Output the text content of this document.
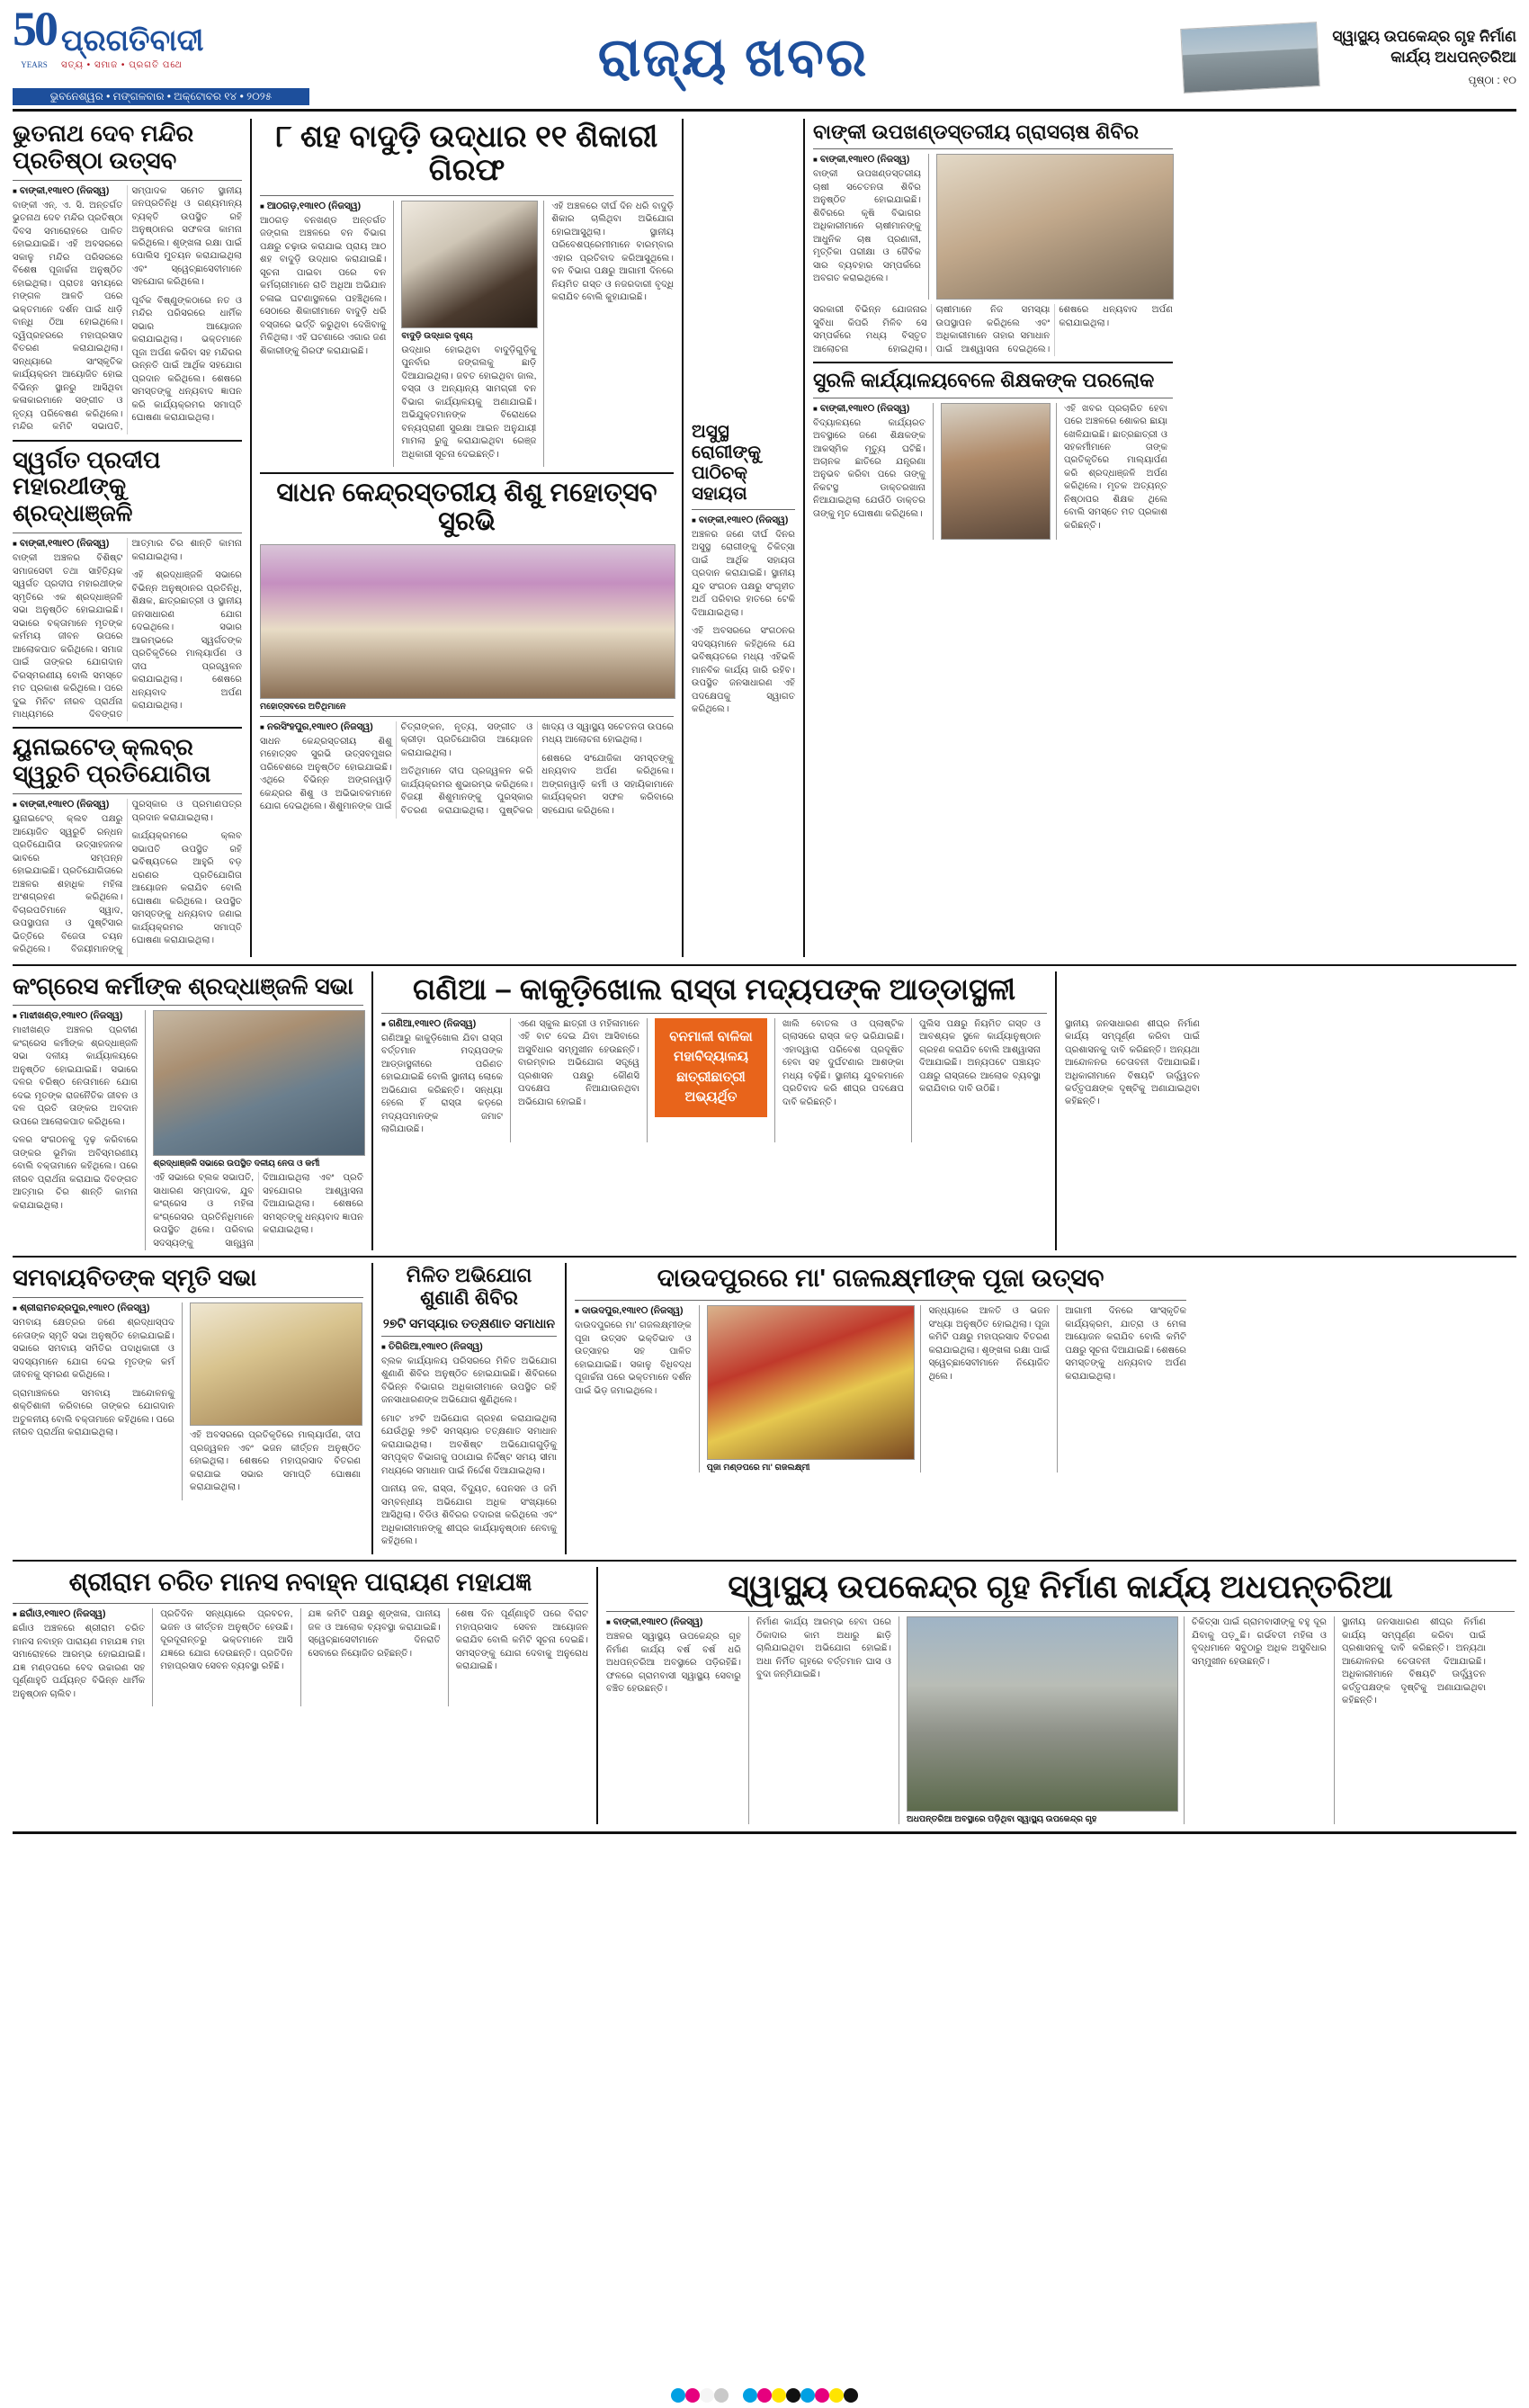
50
YEARS
ପ୍ରଗତିବାଦୀ
ସତ୍ୟ • ସମାଜ • ପ୍ରଗତି ପଥେ
ଭୁବନେଶ୍ୱର • ମଙ୍ଗଳବାର • ଅକ୍ଟୋବର ୧୪ • ୨୦୨୫
ରାଜ୍ୟ ଖବର	ସ୍ୱାସ୍ଥ୍ୟ ଉପକେନ୍ଦ୍ର ଗୃହ ନିର୍ମାଣ କାର୍ଯ୍ୟ ଅଧପନ୍ତରିଆ
ପୃଷ୍ଠା : ୧୦
ଭୁତନାଥ ଦେବ ମନ୍ଦିର ପ୍ରତିଷ୍ଠା ଉତ୍ସବ
■ ବାଙ୍କୀ,୧୩ା୧୦ (ନିଜସ୍ୱ)

ବାଙ୍କୀ ଏନ୍. ଏ. ସି. ଅନ୍ତର୍ଗତ ଭୁତନାଥ ଦେବ ମନ୍ଦିର ପ୍ରତିଷ୍ଠା ଦିବସ ସମାରୋହରେ ପାଳିତ ହୋଇଯାଇଛି। ଏହି ଅବସରରେ ସକାଳୁ ମନ୍ଦିର ପରିସରରେ ବିଶେଷ ପୂଜାର୍ଚ୍ଚନା ଅନୁଷ୍ଠିତ ହୋଇଥିଲା। ପ୍ରାତଃ ସମୟରେ ମଙ୍ଗଳ ଆଳତି ପରେ ଭକ୍ତମାନେ ଦର୍ଶନ ପାଇଁ ଧାଡ଼ି ବାନ୍ଧି ଠିଆ ହୋଇଥିଲେ। ଦ୍ୱିପ୍ରହରରେ ମହାପ୍ରସାଦ ବିତରଣ କରାଯାଇଥିଲା। ସନ୍ଧ୍ୟାରେ ସାଂସ୍କୃତିକ କାର୍ଯ୍ୟକ୍ରମ ଆୟୋଜିତ ହୋଇ ବିଭିନ୍ନ ସ୍ଥାନରୁ ଆସିଥିବା କଳାକାରମାନେ ସଙ୍ଗୀତ ଓ ନୃତ୍ୟ ପରିବେଷଣ କରିଥିଲେ। ମନ୍ଦିର କମିଟି ସଭାପତି, ସମ୍ପାଦକ ସମେତ ସ୍ଥାନୀୟ ଜନପ୍ରତିନିଧି ଓ ଗଣ୍ୟମାନ୍ୟ ବ୍ୟକ୍ତି ଉପସ୍ଥିତ ରହି ଅନୁଷ୍ଠାନର ସଫଳତା କାମନା କରିଥିଲେ। ଶୃଙ୍ଖଳା ରକ୍ଷା ପାଇଁ ପୋଲିସ ମୁତୟନ କରାଯାଇଥିଲା ଏବଂ ସ୍ୱେଚ୍ଛାସେବୀମାନେ ସହଯୋଗ କରିଥିଲେ।

ପୂର୍ବକ ବିଷ୍ଣୁଙ୍କଠାରେ ନତ ଓ ମନ୍ଦିର ପରିସରରେ ଧାର୍ମିକ ସଭାର ଆୟୋଜନ କରାଯାଇଥିଲା। ଭକ୍ତମାନେ ପୂଜା ଅର୍ପଣ କରିବା ସହ ମନ୍ଦିରର ଉନ୍ନତି ପାଇଁ ଆର୍ଥିକ ସହଯୋଗ ପ୍ରଦାନ କରିଥିଲେ। ଶେଷରେ ସମସ୍ତଙ୍କୁ ଧନ୍ୟବାଦ ଜ୍ଞାପନ କରି କାର୍ଯ୍ୟକ୍ରମର ସମାପ୍ତି ଘୋଷଣା କରାଯାଇଥିଲା।

ସ୍ୱର୍ଗତ ପ୍ରଦୀପ ମହାରଥୀଙ୍କୁ ଶ୍ରଦ୍ଧାଞ୍ଜଳି
■ ବାଙ୍କୀ,୧୩ା୧୦ (ନିଜସ୍ୱ)

ବାଙ୍କୀ ଅଞ୍ଚଳର ବିଶିଷ୍ଟ ସମାଜସେବୀ ତଥା ସାହିତ୍ୟିକ ସ୍ୱର୍ଗତ ପ୍ରଦୀପ ମହାରଥୀଙ୍କ ସ୍ମୃତିରେ ଏକ ଶ୍ରଦ୍ଧାଞ୍ଜଳି ସଭା ଅନୁଷ୍ଠିତ ହୋଇଯାଇଛି। ସଭାରେ ବକ୍ତାମାନେ ମୃତଙ୍କ କର୍ମମୟ ଜୀବନ ଉପରେ ଆଲୋକପାତ କରିଥିଲେ। ସମାଜ ପାଇଁ ତାଙ୍କର ଯୋଗଦାନ ଚିରସ୍ମରଣୀୟ ବୋଲି ସମସ୍ତେ ମତ ପ୍ରକାଶ କରିଥିଲେ। ପରେ ଦୁଇ ମିନିଟ ନୀରବ ପ୍ରାର୍ଥନା ମାଧ୍ୟମରେ ଦିବଙ୍ଗତ ଆତ୍ମାର ଚିର ଶାନ୍ତି କାମନା କରାଯାଇଥିଲା।

ଏହି ଶ୍ରଦ୍ଧାଞ୍ଜଳି ସଭାରେ ବିଭିନ୍ନ ଅନୁଷ୍ଠାନର ପ୍ରତିନିଧି, ଶିକ୍ଷକ, ଛାତ୍ରଛାତ୍ରୀ ଓ ସ୍ଥାନୀୟ ଜନସାଧାରଣ ଯୋଗ ଦେଇଥିଲେ। ସଭାର ଆରମ୍ଭରେ ସ୍ୱର୍ଗତଙ୍କ ପ୍ରତିକୃତିରେ ମାଲ୍ୟାର୍ପଣ ଓ ଦୀପ ପ୍ରଜ୍ୱଳନ କରାଯାଇଥିଲା। ଶେଷରେ ଧନ୍ୟବାଦ ଅର୍ପଣ କରାଯାଇଥିଲା।

ୟୁନାଇଟେଡ୍ କ୍ଲବ୍ର ସ୍ୱରୁଚି ପ୍ରତିଯୋଗିତା
■ ବାଙ୍କୀ,୧୩ା୧୦ (ନିଜସ୍ୱ)

ୟୁନାଇଟେଡ୍ କ୍ଲବ ପକ୍ଷରୁ ଆୟୋଜିତ ସ୍ୱରୁଚି ରନ୍ଧନ ପ୍ରତିଯୋଗିତା ଉତ୍ସାହଜନକ ଭାବରେ ସମ୍ପନ୍ନ ହୋଇଯାଇଛି। ପ୍ରତିଯୋଗିତାରେ ଅଞ୍ଚଳର ଶହାଧିକ ମହିଳା ଅଂଶଗ୍ରହଣ କରିଥିଲେ। ବିଚାରପତିମାନେ ସ୍ୱାଦ, ଉପସ୍ଥାପନା ଓ ପୁଷ୍ଟିସାର ଭିତ୍ତିରେ ବିଜେତା ଚୟନ କରିଥିଲେ। ବିଜୟୀମାନଙ୍କୁ ପୁରସ୍କାର ଓ ପ୍ରମାଣପତ୍ର ପ୍ରଦାନ କରାଯାଇଥିଲା।

କାର୍ଯ୍ୟକ୍ରମରେ କ୍ଲବ ସଭାପତି ଉପସ୍ଥିତ ରହି ଭବିଷ୍ୟତରେ ଆହୁରି ବଡ଼ ଧରଣର ପ୍ରତିଯୋଗିତା ଆୟୋଜନ କରାଯିବ ବୋଲି ଘୋଷଣା କରିଥିଲେ। ଉପସ୍ଥିତ ସମସ୍ତଙ୍କୁ ଧନ୍ୟବାଦ ଜଣାଇ କାର୍ଯ୍ୟକ୍ରମର ସମାପ୍ତି ଘୋଷଣା କରାଯାଇଥିଲା।

୮ ଶହ ବାଦୁଡ଼ି ଉଦ୍ଧାର ୧୧ ଶିକାରୀ ଗିରଫ
■ ଆଠଗଡ଼,୧୩ା୧୦ (ନିଜସ୍ୱ)

ଆଠଗଡ଼ ବନଖଣ୍ଡ ଅନ୍ତର୍ଗତ ଜଙ୍ଗଲ ଅଞ୍ଚଳରେ ବନ ବିଭାଗ ପକ୍ଷରୁ ଚଢ଼ାଉ କରାଯାଇ ପ୍ରାୟ ଆଠ ଶହ ବାଦୁଡ଼ି ଉଦ୍ଧାର କରାଯାଇଛି। ସୂଚନା ପାଇବା ପରେ ବନ କର୍ମଚାରୀମାନେ ରାତି ଅଧିଆ ଅଭିଯାନ ଚଳାଇ ଘଟଣାସ୍ଥଳରେ ପହଞ୍ଚିଥିଲେ। ସେଠାରେ ଶିକାରୀମାନେ ବାଦୁଡ଼ି ଧରି ବସ୍ତାରେ ଭର୍ତ୍ତି କରୁଥିବା ଦେଖିବାକୁ ମିଳିଥିଲା। ଏହି ଘଟଣାରେ ଏଗାର ଜଣ ଶିକାରୀଙ୍କୁ ଗିରଫ କରାଯାଇଛି।

ବାଦୁଡ଼ି ଉଦ୍ଧାର ଦୃଶ୍ୟ

ଉଦ୍ଧାର ହୋଇଥିବା ବାଦୁଡ଼ିଗୁଡ଼ିକୁ ପୁନର୍ବାର ଜଙ୍ଗଲକୁ ଛାଡ଼ି ଦିଆଯାଇଥିଲା। ଜବତ ହୋଇଥିବା ଜାଲ, ବସ୍ତା ଓ ଅନ୍ୟାନ୍ୟ ସାମଗ୍ରୀ ବନ ବିଭାଗ କାର୍ଯ୍ୟାଳୟକୁ ଅଣାଯାଇଛି। ଅଭିଯୁକ୍ତମାନଙ୍କ ବିରୋଧରେ ବନ୍ୟପ୍ରାଣୀ ସୁରକ୍ଷା ଆଇନ ଅନୁଯାୟୀ ମାମଲା ରୁଜୁ କରାଯାଇଥିବା ରେଞ୍ଜ ଅଧିକାରୀ ସୂଚନା ଦେଇଛନ୍ତି।

ଏହି ଅଞ୍ଚଳରେ ଦୀର୍ଘ ଦିନ ଧରି ବାଦୁଡ଼ି ଶିକାର ଚାଲିଥିବା ଅଭିଯୋଗ ହୋଇଆସୁଥିଲା। ସ୍ଥାନୀୟ ପରିବେଶପ୍ରେମୀମାନେ ବାରମ୍ବାର ଏହାର ପ୍ରତିବାଦ କରିଆସୁଥିଲେ। ବନ ବିଭାଗ ପକ୍ଷରୁ ଆଗାମୀ ଦିନରେ ନିୟମିତ ଗସ୍ତ ଓ ନଜରଦାରୀ ବୃଦ୍ଧି କରାଯିବ ବୋଲି କୁହାଯାଇଛି।

ସାଧନ କେନ୍ଦ୍ରସ୍ତରୀୟ ଶିଶୁ ମହୋତ୍ସବ ସୁରଭି
ମହୋତ୍ସବରେ ଅତିଥିମାନେ
■ ନରସିଂହପୁର,୧୩ା୧୦ (ନିଜସ୍ୱ)

ସାଧନ କେନ୍ଦ୍ରସ୍ତରୀୟ ଶିଶୁ ମହୋତ୍ସବ ସୁରଭି ଉତ୍ସବମୁଖର ପରିବେଶରେ ଅନୁଷ୍ଠିତ ହୋଇଯାଇଛି। ଏଥିରେ ବିଭିନ୍ନ ଅଙ୍ଗନୱାଡ଼ି କେନ୍ଦ୍ରର ଶିଶୁ ଓ ଅଭିଭାବକମାନେ ଯୋଗ ଦେଇଥିଲେ। ଶିଶୁମାନଙ୍କ ପାଇଁ ଚିତ୍ରାଙ୍କନ, ନୃତ୍ୟ, ସଙ୍ଗୀତ ଓ କ୍ରୀଡ଼ା ପ୍ରତିଯୋଗିତା ଆୟୋଜନ କରାଯାଇଥିଲା।

ଅତିଥିମାନେ ଦୀପ ପ୍ରଜ୍ୱଳନ କରି କାର୍ଯ୍ୟକ୍ରମର ଶୁଭାରମ୍ଭ କରିଥିଲେ। ବିଜୟୀ ଶିଶୁମାନଙ୍କୁ ପୁରସ୍କାର ବିତରଣ କରାଯାଇଥିଲା। ପୁଷ୍ଟିକର ଖାଦ୍ୟ ଓ ସ୍ୱାସ୍ଥ୍ୟ ସଚେତନତା ଉପରେ ମଧ୍ୟ ଆଲୋଚନା ହୋଇଥିଲା।

ଶେଷରେ ସଂଯୋଜିକା ସମସ୍ତଙ୍କୁ ଧନ୍ୟବାଦ ଅର୍ପଣ କରିଥିଲେ। ଅଙ୍ଗନୱାଡ଼ି କର୍ମୀ ଓ ସହାୟିକାମାନେ କାର୍ଯ୍ୟକ୍ରମ ସଫଳ କରିବାରେ ସହଯୋଗ କରିଥିଲେ।

ଅସୁସ୍ଥ ରୋଗୀଙ୍କୁ ପାଠିଚକ୍ ସହାୟତା
■ ବାଙ୍କୀ,୧୩ା୧୦ (ନିଜସ୍ୱ)

ଅଞ୍ଚଳର ଜଣେ ଦୀର୍ଘ ଦିନର ଅସୁସ୍ଥ ରୋଗୀଙ୍କୁ ଚିକିତ୍ସା ପାଇଁ ଆର୍ଥିକ ସହାୟତା ପ୍ରଦାନ କରାଯାଇଛି। ସ୍ଥାନୀୟ ଯୁବ ସଂଗଠନ ପକ୍ଷରୁ ସଂଗୃହୀତ ଅର୍ଥ ପରିବାର ହାତରେ ଟେକି ଦିଆଯାଇଥିଲା।

ଏହି ଅବସରରେ ସଂଗଠନର ସଦସ୍ୟମାନେ କହିଥିଲେ ଯେ ଭବିଷ୍ୟତରେ ମଧ୍ୟ ଏହିଭଳି ମାନବିକ କାର୍ଯ୍ୟ ଜାରି ରହିବ। ଉପସ୍ଥିତ ଜନସାଧାରଣ ଏହି ପଦକ୍ଷେପକୁ ସ୍ୱାଗତ କରିଥିଲେ।

ବାଙ୍କୀ ଉପଖଣ୍ଡସ୍ତରୀୟ ଗ୍ରାସଚାଷ ଶିବିର
■ ବାଙ୍କୀ,୧୩ା୧୦ (ନିଜସ୍ୱ)

ବାଙ୍କୀ ଉପଖଣ୍ଡସ୍ତରୀୟ ଚାଷୀ ସଚେତନତା ଶିବିର ଅନୁଷ୍ଠିତ ହୋଇଯାଇଛି। ଶିବିରରେ କୃଷି ବିଭାଗର ଅଧିକାରୀମାନେ ଚାଷୀମାନଙ୍କୁ ଆଧୁନିକ ଚାଷ ପ୍ରଣାଳୀ, ମୃତ୍ତିକା ପରୀକ୍ଷା ଓ ଜୈବିକ ସାର ବ୍ୟବହାର ସମ୍ପର୍କରେ ଅବଗତ କରାଇଥିଲେ।

ସରକାରୀ ବିଭିନ୍ନ ଯୋଜନାର ସୁବିଧା କିପରି ମିଳିବ ସେ ସମ୍ପର୍କରେ ମଧ୍ୟ ବିସ୍ତୃତ ଆଲୋଚନା ହୋଇଥିଲା। ଚାଷୀମାନେ ନିଜ ସମସ୍ୟା ଉପସ୍ଥାପନ କରିଥିଲେ ଏବଂ ଅଧିକାରୀମାନେ ତାହାର ସମାଧାନ ପାଇଁ ଆଶ୍ୱାସନା ଦେଇଥିଲେ। ଶେଷରେ ଧନ୍ୟବାଦ ଅର୍ପଣ କରାଯାଇଥିଲା।

ସୁରଳି କାର୍ଯ୍ୟାଳୟବେଳେ ଶିକ୍ଷକଙ୍କ ପରଲୋକ
■ ବାଙ୍କୀ,୧୩ା୧୦ (ନିଜସ୍ୱ)

ବିଦ୍ୟାଳୟରେ କାର୍ଯ୍ୟରତ ଅବସ୍ଥାରେ ଜଣେ ଶିକ୍ଷକଙ୍କ ଆକସ୍ମିକ ମୃତ୍ୟୁ ଘଟିଛି। ଅଚାନକ ଛାତିରେ ଯନ୍ତ୍ରଣା ଅନୁଭବ କରିବା ପରେ ତାଙ୍କୁ ନିକଟସ୍ଥ ଡାକ୍ତରଖାନା ନିଆଯାଇଥିଲା ଯେଉଁଠି ଡାକ୍ତର ତାଙ୍କୁ ମୃତ ଘୋଷଣା କରିଥିଲେ।

ଏହି ଖବର ପ୍ରଚାରିତ ହେବା ପରେ ଅଞ୍ଚଳରେ ଶୋକର ଛାୟା ଖେଳିଯାଇଛି। ଛାତ୍ରଛାତ୍ରୀ ଓ ସହକର୍ମୀମାନେ ତାଙ୍କ ପ୍ରତିକୃତିରେ ମାଲ୍ୟାର୍ପଣ କରି ଶ୍ରଦ୍ଧାଞ୍ଜଳି ଅର୍ପଣ କରିଥିଲେ। ମୃତକ ଅତ୍ୟନ୍ତ ନିଷ୍ଠାପର ଶିକ୍ଷକ ଥିଲେ ବୋଲି ସମସ୍ତେ ମତ ପ୍ରକାଶ କରିଛନ୍ତି।

କଂଗ୍ରେସ କର୍ମୀଙ୍କ ଶ୍ରଦ୍ଧାଞ୍ଜଳି ସଭା
■ ମାଝୀଖଣ୍ଡ,୧୩ା୧୦ (ନିଜସ୍ୱ)

ମାଝୀଖଣ୍ଡ ଅଞ୍ଚଳର ପ୍ରବୀଣ କଂଗ୍ରେସ କର୍ମୀଙ୍କ ଶ୍ରଦ୍ଧାଞ୍ଜଳି ସଭା ଦଳୀୟ କାର୍ଯ୍ୟାଳୟରେ ଅନୁଷ୍ଠିତ ହୋଇଯାଇଛି। ସଭାରେ ଦଳର ବରିଷ୍ଠ ନେତାମାନେ ଯୋଗ ଦେଇ ମୃତଙ୍କ ରାଜନୈତିକ ଜୀବନ ଓ ଦଳ ପ୍ରତି ତାଙ୍କର ଅବଦାନ ଉପରେ ଆଲୋକପାତ କରିଥିଲେ।

ଦଳର ସଂଗଠନକୁ ଦୃଢ଼ କରିବାରେ ତାଙ୍କର ଭୂମିକା ଅବିସ୍ମରଣୀୟ ବୋଲି ବକ୍ତାମାନେ କହିଥିଲେ। ପରେ ନୀରବ ପ୍ରାର୍ଥନା କରାଯାଇ ଦିବଙ୍ଗତ ଆତ୍ମାର ଚିର ଶାନ୍ତି କାମନା କରାଯାଇଥିଲା।

ଶ୍ରଦ୍ଧାଞ୍ଜଳି ସଭାରେ ଉପସ୍ଥିତ ଦଳୀୟ ନେତା ଓ କର୍ମୀ

ଏହି ସଭାରେ ବ୍ଲକ ସଭାପତି, ସାଧାରଣ ସମ୍ପାଦକ, ଯୁବ କଂଗ୍ରେସ ଓ ମହିଳା କଂଗ୍ରେସର ପ୍ରତିନିଧିମାନେ ଉପସ୍ଥିତ ଥିଲେ। ପରିବାର ସଦସ୍ୟଙ୍କୁ ସାନ୍ତ୍ୱନା ଦିଆଯାଇଥିଲା ଏବଂ ପ୍ରତି ସହଯୋଗର ଆଶ୍ୱାସନା ଦିଆଯାଇଥିଲା। ଶେଷରେ ସମସ୍ତଙ୍କୁ ଧନ୍ୟବାଦ ଜ୍ଞାପନ କରାଯାଇଥିଲା।

ଗଣିଆ – କାକୁଡ଼ିଖୋଲ ରାସ୍ତା ମଦ୍ୟପଙ୍କ ଆଡ୍ଡାସ୍ଥଳୀ
■ ଗଣିଆ,୧୩ା୧୦ (ନିଜସ୍ୱ)

ଗଣିଆରୁ କାକୁଡ଼ିଖୋଲ ଯିବା ରାସ୍ତା ବର୍ତ୍ତମାନ ମଦ୍ୟପଙ୍କ ଆଡ୍ଡାସ୍ଥଳୀରେ ପରିଣତ ହୋଇଯାଇଛି ବୋଲି ସ୍ଥାନୀୟ ଲୋକେ ଅଭିଯୋଗ କରିଛନ୍ତି। ସନ୍ଧ୍ୟା ହେଲେ ହିଁ ରାସ୍ତା କଡ଼ରେ ମଦ୍ୟପମାନଙ୍କ ଜମାଟ ଲାଗିଯାଉଛି।

ଏଣେ ସ୍କୁଲ ଛାତ୍ରୀ ଓ ମହିଳାମାନେ ଏହି ବାଟ ଦେଇ ଯିବା ଆସିବାରେ ଅସୁବିଧାର ସମ୍ମୁଖୀନ ହେଉଛନ୍ତି। ବାରମ୍ବାର ଅଭିଯୋଗ ସତ୍ତ୍ୱେ ପ୍ରଶାସନ ପକ୍ଷରୁ କୌଣସି ପଦକ୍ଷେପ ନିଆଯାଉନଥିବା ଅଭିଯୋଗ ହୋଇଛି।

ବନମାଳୀ ବାଳିକା ମହାବିଦ୍ୟାଳୟ ଛାତ୍ରୀଛାତ୍ରୀ ଅଭ୍ୟର୍ଥିତ

ଖାଲି ବୋତଲ ଓ ପ୍ଲାଷ୍ଟିକ ଗ୍ଲାସରେ ରାସ୍ତା କଡ଼ ଭରିଯାଇଛି। ଏହାଦ୍ୱାରା ପରିବେଶ ପ୍ରଦୂଷିତ ହେବା ସହ ଦୁର୍ଘଟଣାର ଆଶଙ୍କା ମଧ୍ୟ ବଢ଼ିଛି। ସ୍ଥାନୀୟ ଯୁବକମାନେ ପ୍ରତିବାଦ କରି ଶୀଘ୍ର ପଦକ୍ଷେପ ଦାବି କରିଛନ୍ତି।

ପୁଲିସ ପକ୍ଷରୁ ନିୟମିତ ଗସ୍ତ ଓ ଆବଶ୍ୟକ ସ୍ଥଳେ କାର୍ଯ୍ୟାନୁଷ୍ଠାନ ଗ୍ରହଣ କରାଯିବ ବୋଲି ଆଶ୍ୱାସନା ଦିଆଯାଇଛି। ଅନ୍ୟପଟେ ପଞ୍ଚାୟତ ପକ୍ଷରୁ ରାସ୍ତାରେ ଆଲୋକ ବ୍ୟବସ୍ଥା କରାଯିବାର ଦାବି ଉଠିଛି।

ସ୍ଥାନୀୟ ଜନସାଧାରଣ ଶୀଘ୍ର ନିର୍ମାଣ କାର୍ଯ୍ୟ ସମ୍ପୂର୍ଣ୍ଣ କରିବା ପାଇଁ ପ୍ରଶାସନକୁ ଦାବି କରିଛନ୍ତି। ଅନ୍ୟଥା ଆନ୍ଦୋଳନର ଚେତାବନୀ ଦିଆଯାଇଛି। ଅଧିକାରୀମାନେ ବିଷୟଟି ଊର୍ଦ୍ଧ୍ୱତନ କର୍ତ୍ତୃପକ୍ଷଙ୍କ ଦୃଷ୍ଟିକୁ ଅଣାଯାଇଥିବା କହିଛନ୍ତି।

ସମବାୟବିତଙ୍କ ସ୍ମୃତି ସଭା
■ ଶ୍ରୀରାମଚନ୍ଦ୍ରପୁର,୧୩ା୧୦ (ନିଜସ୍ୱ)

ସମବାୟ କ୍ଷେତ୍ରର ଜଣେ ଶ୍ରଦ୍ଧାସ୍ପଦ ନେତାଙ୍କ ସ୍ମୃତି ସଭା ଅନୁଷ୍ଠିତ ହୋଇଯାଇଛି। ସଭାରେ ସମବାୟ ସମିତିର ପଦାଧିକାରୀ ଓ ସଦସ୍ୟମାନେ ଯୋଗ ଦେଇ ମୃତଙ୍କ କର୍ମ ଜୀବନକୁ ସ୍ମରଣ କରିଥିଲେ।

ଗ୍ରାମାଞ୍ଚଳରେ ସମବାୟ ଆନ୍ଦୋଳନକୁ ଶକ୍ତିଶାଳୀ କରିବାରେ ତାଙ୍କର ଯୋଗଦାନ ଅତୁଳନୀୟ ବୋଲି ବକ୍ତାମାନେ କହିଥିଲେ। ପରେ ନୀରବ ପ୍ରାର୍ଥନା କରାଯାଇଥିଲା।	ଏହି ଅବସରରେ ପ୍ରତିକୃତିରେ ମାଲ୍ୟାର୍ପଣ, ଦୀପ ପ୍ରଜ୍ୱଳନ ଏବଂ ଭଜନ କୀର୍ତ୍ତନ ଅନୁଷ୍ଠିତ ହୋଇଥିଲା। ଶେଷରେ ମହାପ୍ରସାଦ ବିତରଣ କରାଯାଇ ସଭାର ସମାପ୍ତି ଘୋଷଣା କରାଯାଇଥିଲା।

ମିଳିତ ଅଭିଯୋଗ
ଶୁଣାଣି ଶିବିର
୨୭ଟି ସମସ୍ୟାର ତତ୍କ୍ଷଣାତ ସମାଧାନ
■ ତିଗିରିଆ,୧୩ା୧୦ (ନିଜସ୍ୱ)

ବ୍ଲକ କାର୍ଯ୍ୟାଳୟ ପରିସରରେ ମିଳିତ ଅଭିଯୋଗ ଶୁଣାଣି ଶିବିର ଅନୁଷ୍ଠିତ ହୋଇଯାଇଛି। ଶିବିରରେ ବିଭିନ୍ନ ବିଭାଗର ଅଧିକାରୀମାନେ ଉପସ୍ଥିତ ରହି ଜନସାଧାରଣଙ୍କ ଅଭିଯୋଗ ଶୁଣିଥିଲେ।

ମୋଟ ୪୨ଟି ଅଭିଯୋଗ ଗ୍ରହଣ କରାଯାଇଥିଲା ଯେଉଁଥିରୁ ୨୭ଟି ସମସ୍ୟାର ତତ୍କ୍ଷଣାତ ସମାଧାନ କରାଯାଇଥିଲା। ଅବଶିଷ୍ଟ ଅଭିଯୋଗଗୁଡ଼ିକୁ ସମ୍ପୃକ୍ତ ବିଭାଗକୁ ପଠାଯାଇ ନିର୍ଦ୍ଦିଷ୍ଟ ସମୟ ସୀମା ମଧ୍ୟରେ ସମାଧାନ ପାଇଁ ନିର୍ଦ୍ଦେଶ ଦିଆଯାଇଥିଲା।

ପାନୀୟ ଜଳ, ରାସ୍ତା, ବିଦ୍ୟୁତ, ପେନସନ ଓ ଜମି ସମ୍ବନ୍ଧୀୟ ଅଭିଯୋଗ ଅଧିକ ସଂଖ୍ୟାରେ ଆସିଥିଲା। ବିଡିଓ ଶିବିରର ତଦାରଖ କରିଥିଲେ ଏବଂ ଅଧିକାରୀମାନଙ୍କୁ ଶୀଘ୍ର କାର୍ଯ୍ୟାନୁଷ୍ଠାନ ନେବାକୁ କହିଥିଲେ।

ଦାଉଦପୁରରେ ମା' ଗଜଲକ୍ଷ୍ମୀଙ୍କ ପୂଜା ଉତ୍ସବ
■ ଦାଉଦପୁର,୧୩ା୧୦ (ନିଜସ୍ୱ)

ଦାଉଦପୁରରେ ମା' ଗଜଲକ୍ଷ୍ମୀଙ୍କ ପୂଜା ଉତ୍ସବ ଭକ୍ତିଭାବ ଓ ଉତ୍ସାହର ସହ ପାଳିତ ହୋଇଯାଇଛି। ସକାଳୁ ବିଧିବଦ୍ଧ ପୂଜାର୍ଚ୍ଚନା ପରେ ଭକ୍ତମାନେ ଦର୍ଶନ ପାଇଁ ଭିଡ଼ ଜମାଇଥିଲେ।

ପୂଜା ମଣ୍ଡପରେ ମା' ଗଜଲକ୍ଷ୍ମୀ

ସନ୍ଧ୍ୟାରେ ଆଳତି ଓ ଭଜନ ସଂଧ୍ୟା ଅନୁଷ୍ଠିତ ହୋଇଥିଲା। ପୂଜା କମିଟି ପକ୍ଷରୁ ମହାପ୍ରସାଦ ବିତରଣ କରାଯାଇଥିଲା। ଶୃଙ୍ଖଳା ରକ୍ଷା ପାଇଁ ସ୍ୱେଚ୍ଛାସେବୀମାନେ ନିୟୋଜିତ ଥିଲେ।

ଆଗାମୀ ଦିନରେ ସାଂସ୍କୃତିକ କାର୍ଯ୍ୟକ୍ରମ, ଯାତ୍ରା ଓ ମେଳା ଆୟୋଜନ କରାଯିବ ବୋଲି କମିଟି ପକ୍ଷରୁ ସୂଚନା ଦିଆଯାଇଛି। ଶେଷରେ ସମସ୍ତଙ୍କୁ ଧନ୍ୟବାଦ ଅର୍ପଣ କରାଯାଇଥିଲା।

ଶ୍ରୀରାମ ଚରିତ ମାନସ ନବାହ୍ନ ପାରାୟଣ ମହାଯଜ୍ଞ
■ ଛଗାଁଓ,୧୩ା୧୦ (ନିଜସ୍ୱ)

ଛଗାଁଓ ଅଞ୍ଚଳରେ ଶ୍ରୀରାମ ଚରିତ ମାନସ ନବାହ୍ନ ପାରାୟଣ ମହାଯଜ୍ଞ ମହା ସମାରୋହରେ ଆରମ୍ଭ ହୋଇଯାଇଛି। ଯଜ୍ଞ ମଣ୍ଡପରେ ବେଦ ଉଚ୍ଚାରଣ ସହ ପୂର୍ଣ୍ଣାହୁତି ପର୍ଯ୍ୟନ୍ତ ବିଭିନ୍ନ ଧାର୍ମିକ ଅନୁଷ୍ଠାନ ଚାଲିବ।

ପ୍ରତିଦିନ ସନ୍ଧ୍ୟାରେ ପ୍ରବଚନ, ଭଜନ ଓ କୀର୍ତ୍ତନ ଅନୁଷ୍ଠିତ ହେଉଛି। ଦୂରଦୂରାନ୍ତରୁ ଭକ୍ତମାନେ ଆସି ଯଜ୍ଞରେ ଯୋଗ ଦେଉଛନ୍ତି। ପ୍ରତିଦିନ ମହାପ୍ରସାଦ ସେବନ ବ୍ୟବସ୍ଥା ରହିଛି।

ଯଜ୍ଞ କମିଟି ପକ୍ଷରୁ ଶୃଙ୍ଖଳା, ପାନୀୟ ଜଳ ଓ ଆଲୋକ ବ୍ୟବସ୍ଥା କରାଯାଇଛି। ସ୍ୱେଚ୍ଛାସେବୀମାନେ ଦିନରାତି ସେବାରେ ନିୟୋଜିତ ରହିଛନ୍ତି।

ଶେଷ ଦିନ ପୂର୍ଣ୍ଣାହୁତି ପରେ ବିରାଟ ମହାପ୍ରସାଦ ସେବନ ଆୟୋଜନ କରାଯିବ ବୋଲି କମିଟି ସୂଚନା ଦେଇଛି। ସମସ୍ତଙ୍କୁ ଯୋଗ ଦେବାକୁ ଅନୁରୋଧ କରାଯାଇଛି।

ସ୍ୱାସ୍ଥ୍ୟ ଉପକେନ୍ଦ୍ର ଗୃହ ନିର୍ମାଣ କାର୍ଯ୍ୟ ଅଧପନ୍ତରିଆ
■ ବାଙ୍କୀ,୧୩ା୧୦ (ନିଜସ୍ୱ)

ଅଞ୍ଚଳର ସ୍ୱାସ୍ଥ୍ୟ ଉପକେନ୍ଦ୍ର ଗୃହ ନିର୍ମାଣ କାର୍ଯ୍ୟ ବର୍ଷ ବର୍ଷ ଧରି ଅଧପନ୍ତରିଆ ଅବସ୍ଥାରେ ପଡ଼ିରହିଛି। ଫଳରେ ଗ୍ରାମବାସୀ ସ୍ୱାସ୍ଥ୍ୟ ସେବାରୁ ବଞ୍ଚିତ ହେଉଛନ୍ତି।

ନିର୍ମାଣ କାର୍ଯ୍ୟ ଆରମ୍ଭ ହେବା ପରେ ଠିକାଦାର କାମ ଅଧାରୁ ଛାଡ଼ି ଚାଲିଯାଇଥିବା ଅଭିଯୋଗ ହୋଇଛି। ଅଧା ନିର୍ମିତ ଗୃହରେ ବର୍ତ୍ତମାନ ଘାସ ଓ ବୁଦା ଜନ୍ମିଯାଇଛି।

ଅଧପନ୍ତରିଆ ଅବସ୍ଥାରେ ପଡ଼ିଥିବା ସ୍ୱାସ୍ଥ୍ୟ ଉପକେନ୍ଦ୍ର ଗୃହ

ଚିକିତ୍ସା ପାଇଁ ଗ୍ରାମବାସୀଙ୍କୁ ବହୁ ଦୂର ଯିବାକୁ ପଡ଼ୁଛି। ଗର୍ଭବତୀ ମହିଳା ଓ ବୃଦ୍ଧମାନେ ସବୁଠାରୁ ଅଧିକ ଅସୁବିଧାର ସମ୍ମୁଖୀନ ହେଉଛନ୍ତି।

ସ୍ଥାନୀୟ ଜନସାଧାରଣ ଶୀଘ୍ର ନିର୍ମାଣ କାର୍ଯ୍ୟ ସମ୍ପୂର୍ଣ୍ଣ କରିବା ପାଇଁ ପ୍ରଶାସନକୁ ଦାବି କରିଛନ୍ତି। ଅନ୍ୟଥା ଆନ୍ଦୋଳନର ଚେତାବନୀ ଦିଆଯାଇଛି। ଅଧିକାରୀମାନେ ବିଷୟଟି ଊର୍ଦ୍ଧ୍ୱତନ କର୍ତ୍ତୃପକ୍ଷଙ୍କ ଦୃଷ୍ଟିକୁ ଅଣାଯାଇଥିବା କହିଛନ୍ତି।
